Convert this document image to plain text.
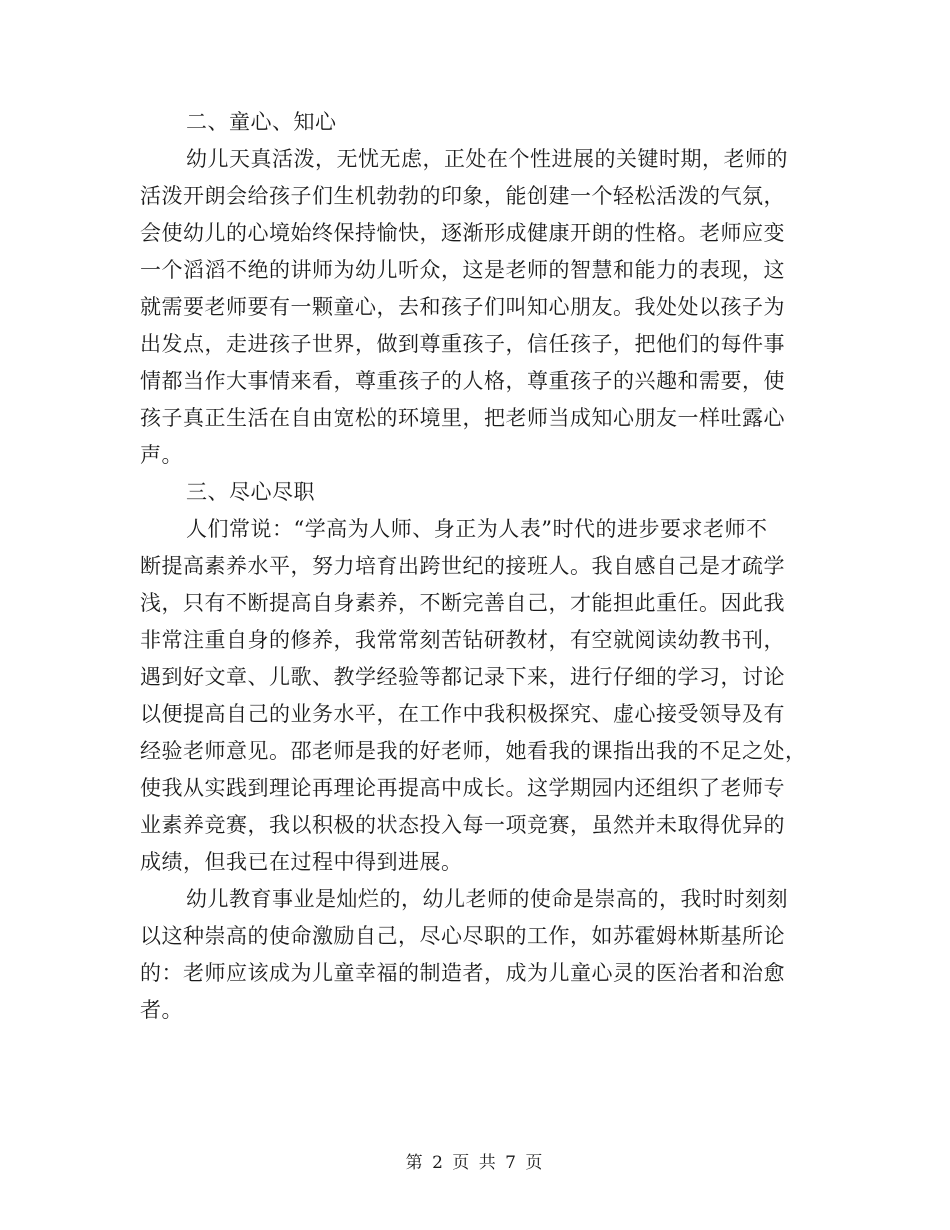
二、童心、知心
幼儿天真活泼，无忧无虑，正处在个性进展的关键时期，老师的
活泼开朗会给孩子们生机勃勃的印象，能创建一个轻松活泼的气氛，
会使幼儿的心境始终保持愉快，逐渐形成健康开朗的性格。老师应变
一个滔滔不绝的讲师为幼儿听众，这是老师的智慧和能力的表现，这
就需要老师要有一颗童心，去和孩子们叫知心朋友。我处处以孩子为
出发点，走进孩子世界，做到尊重孩子，信任孩子，把他们的每件事
情都当作大事情来看，尊重孩子的人格，尊重孩子的兴趣和需要，使
孩子真正生活在自由宽松的环境里，把老师当成知心朋友一样吐露心
声。
三、尽心尽职
人们常说：“学高为人师、身正为人表”时代的进步要求老师不
断提高素养水平，努力培育出跨世纪的接班人。我自感自己是才疏学
浅，只有不断提高自身素养，不断完善自己，才能担此重任。因此我
非常注重自身的修养，我常常刻苦钻研教材，有空就阅读幼教书刊，
遇到好文章、儿歌、教学经验等都记录下来，进行仔细的学习，讨论
以便提高自己的业务水平，在工作中我积极探究、虚心接受领导及有
经验老师意见。邵老师是我的好老师，她看我的课指出我的不足之处，
使我从实践到理论再理论再提高中成长。这学期园内还组织了老师专
业素养竞赛，我以积极的状态投入每一项竞赛，虽然并未取得优异的
成绩，但我已在过程中得到进展。
幼儿教育事业是灿烂的，幼儿老师的使命是崇高的，我时时刻刻
以这种崇高的使命激励自己，尽心尽职的工作，如苏霍姆林斯基所论
的：老师应该成为儿童幸福的制造者，成为儿童心灵的医治者和治愈
者。
第 2 页 共 7 页
